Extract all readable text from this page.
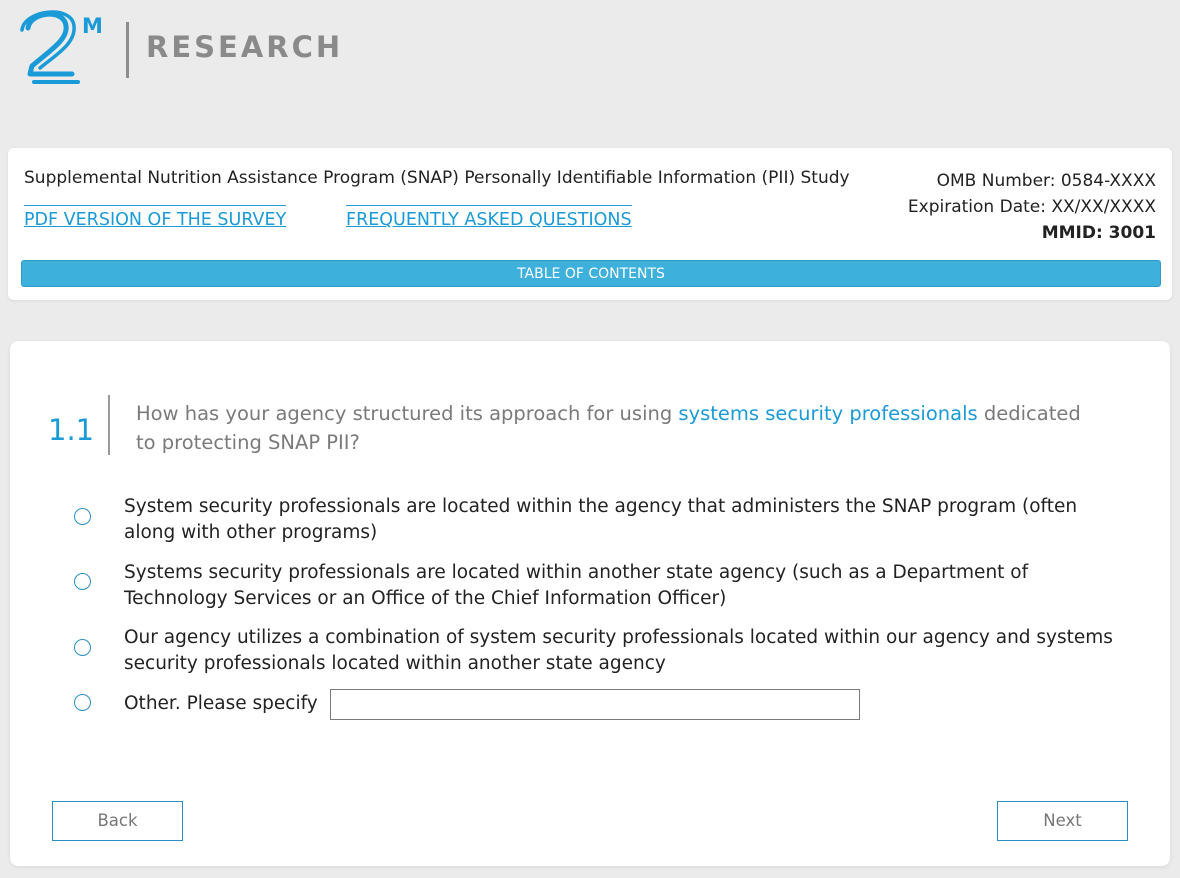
M
RESEARCH
Supplemental Nutrition Assistance Program (SNAP) Personally Identifiable Information (PII) Study
PDF VERSION OF THE SURVEY	FREQUENTLY ASKED QUESTIONS
OMB Number: 0584-XXXX
Expiration Date: XX/XX/XXXX
MMID: 3001
TABLE OF CONTENTS
1.1 How has your agency structured its approach for using systems security professionals dedicated to protecting SNAP PII?
System security professionals are located within the agency that administers the SNAP program (often along with other programs)
Systems security professionals are located within another state agency (such as a Department of Technology Services or an Office of the Chief Information Officer)
Our agency utilizes a combination of system security professionals located within our agency and systems security professionals located within another state agency
Other. Please specify
Back	Next
